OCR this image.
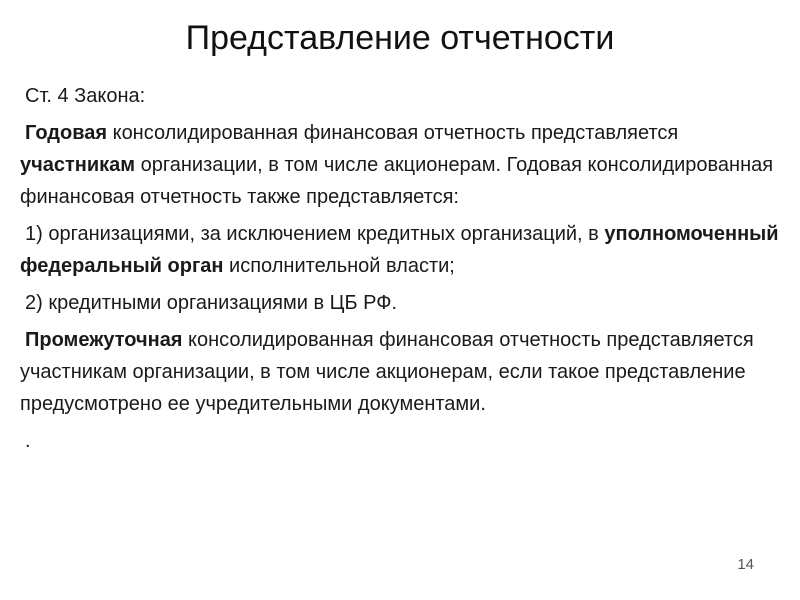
Представление отчетности

Ст. 4 Закона:

Годовая консолидированная финансовая отчетность представляется участникам организации, в том числе акционерам. Годовая консолидированная финансовая отчетность также представляется:

1) организациями, за исключением кредитных организаций, в уполномоченный федеральный орган исполнительной власти;

2) кредитными организациями в ЦБ РФ.

Промежуточная консолидированная финансовая отчетность представляется участникам организации, в том числе акционерам, если такое представление предусмотрено ее учредительными документами.

.

14
